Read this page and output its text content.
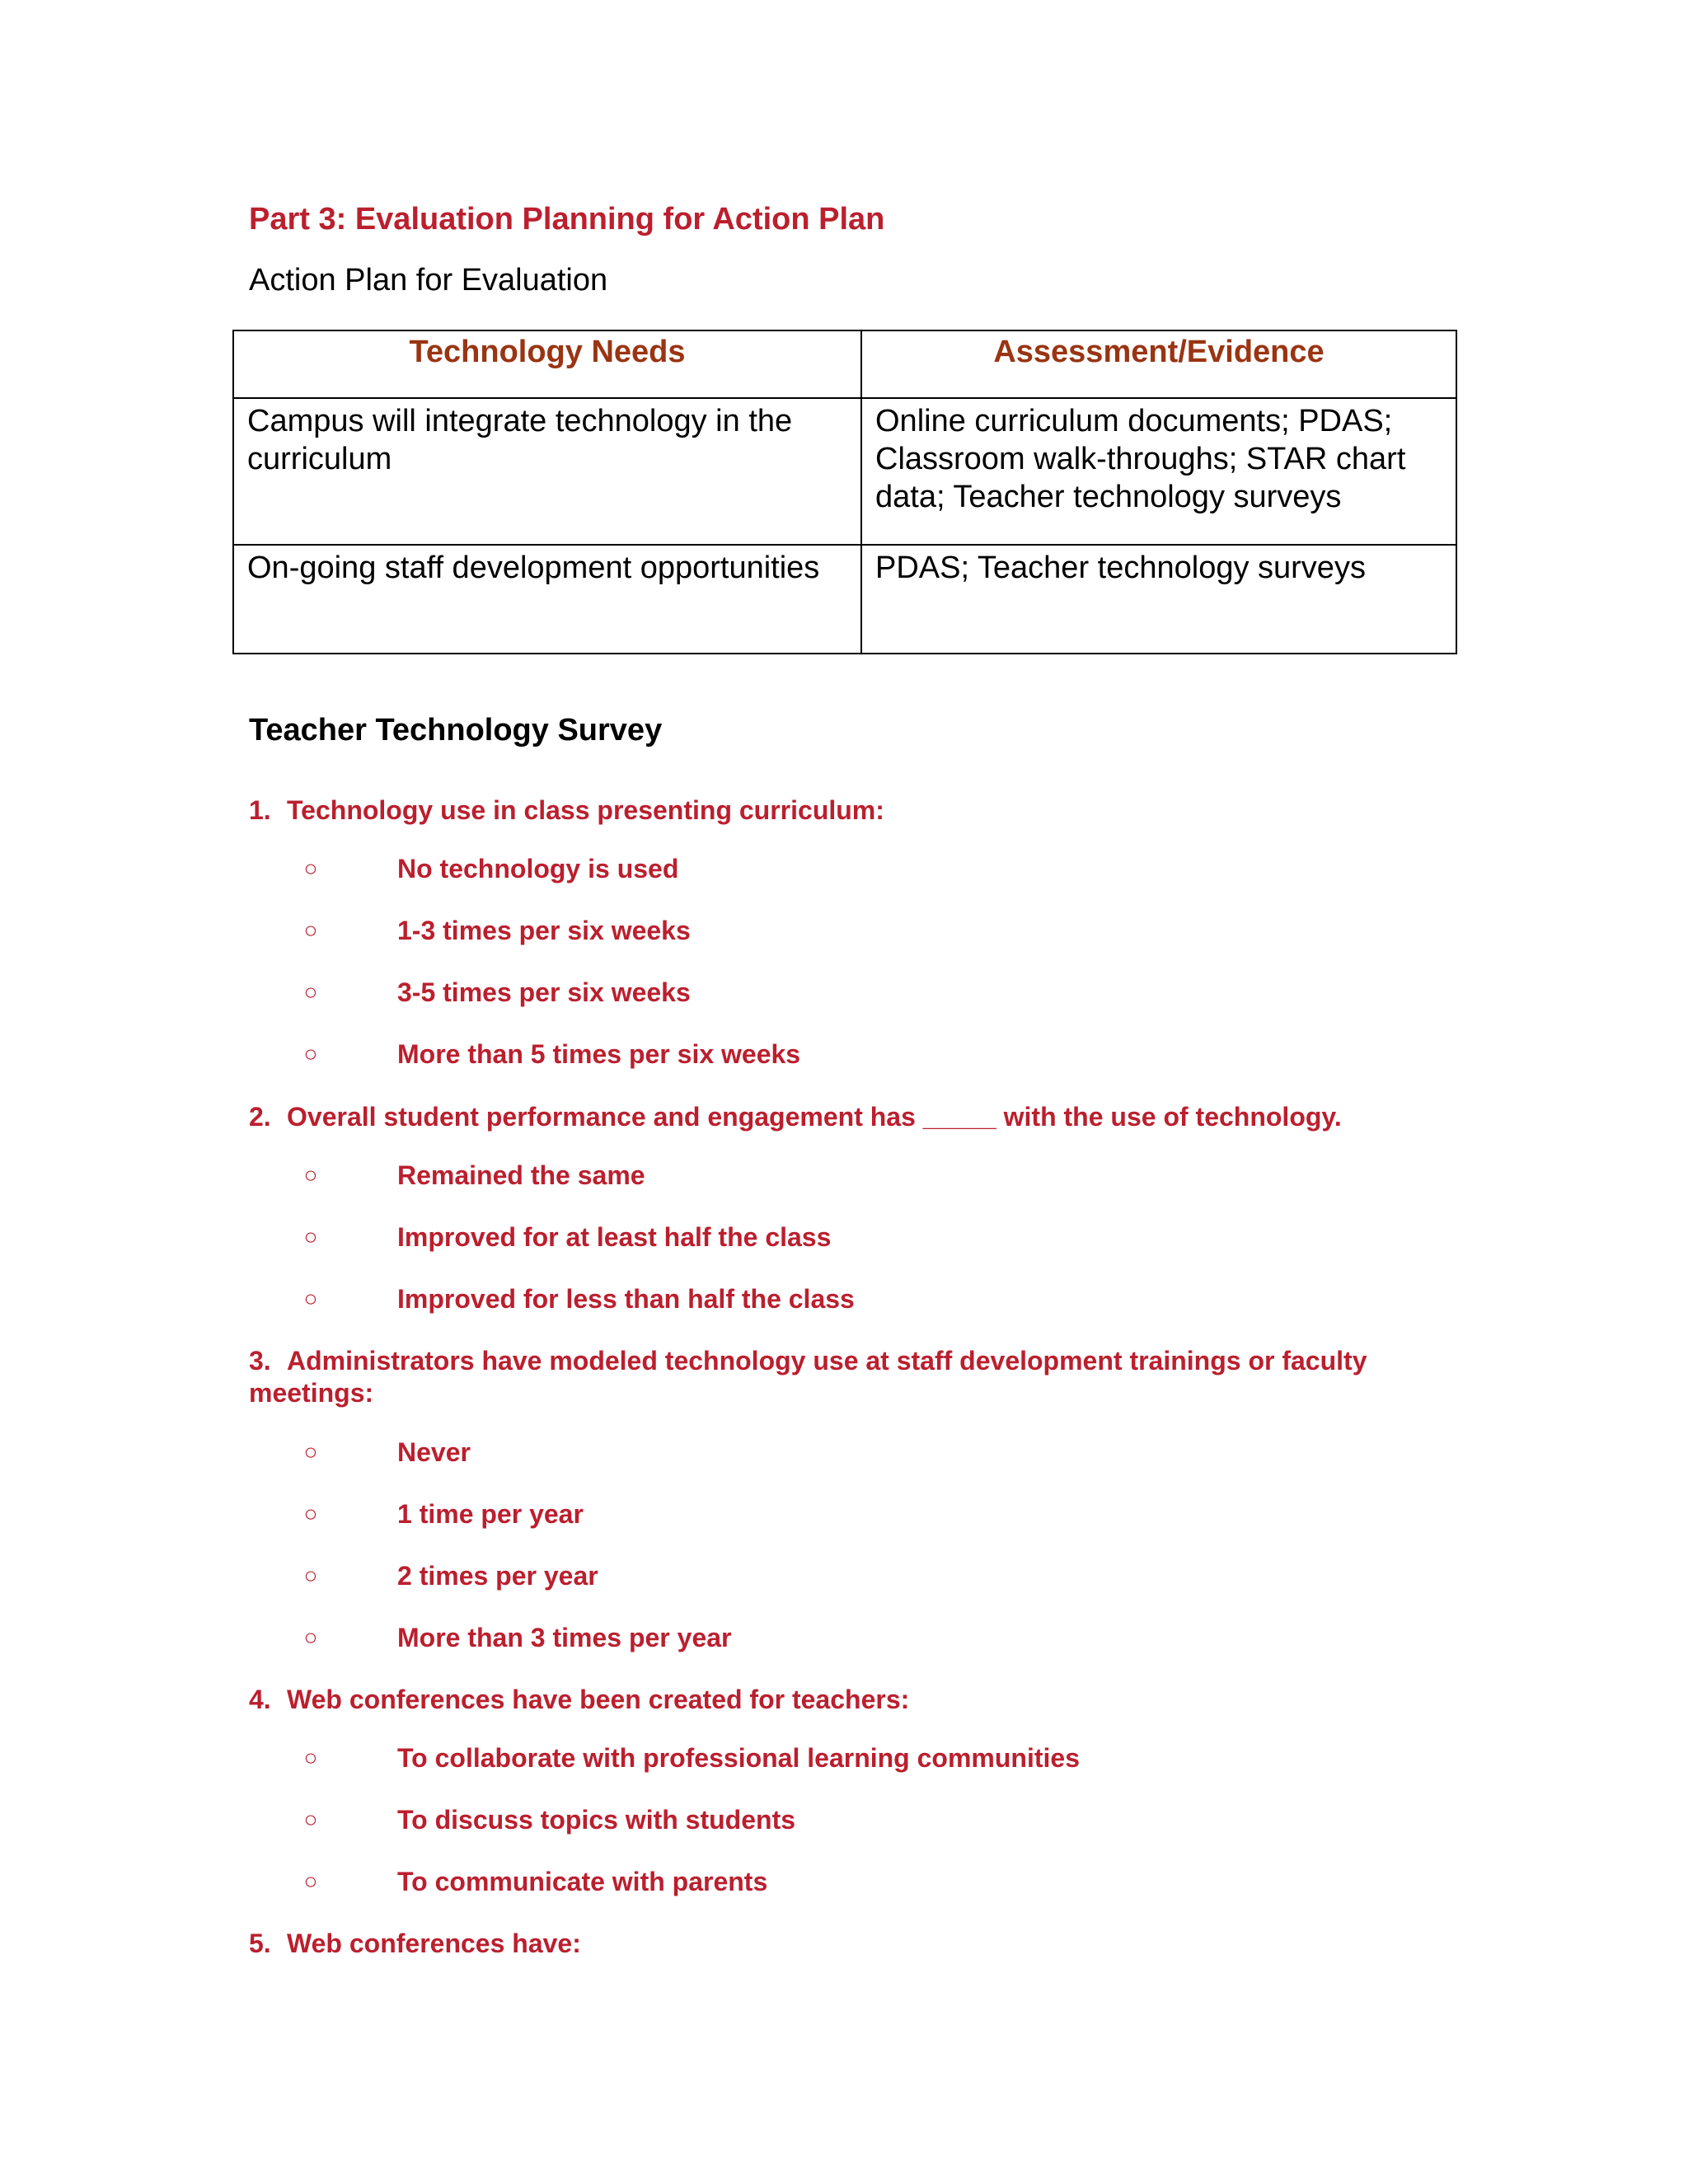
Part 3: Evaluation Planning for Action Plan

Action Plan for Evaluation

Technology Needs	Assessment/Evidence
Campus will integrate technology in the curriculum	Online curriculum documents; PDAS; Classroom walk-throughs; STAR chart data; Teacher technology surveys
On-going staff development opportunities	PDAS; Teacher technology surveys
Teacher Technology Survey

1. Technology use in class presenting curriculum:

○	No technology is used
○	1-3 times per six weeks
○	3-5 times per six weeks
○	More than 5 times per six weeks

2. Overall student performance and engagement has _____ with the use of technology.

○	Remained the same
○	Improved for at least half the class
○	Improved for less than half the class

3. Administrators have modeled technology use at staff development trainings or faculty meetings:

○	Never
○	1 time per year
○	2 times per year
○	More than 3 times per year

4. Web conferences have been created for teachers:

○	To collaborate with professional learning communities
○	To discuss topics with students
○	To communicate with parents

5. Web conferences have:
